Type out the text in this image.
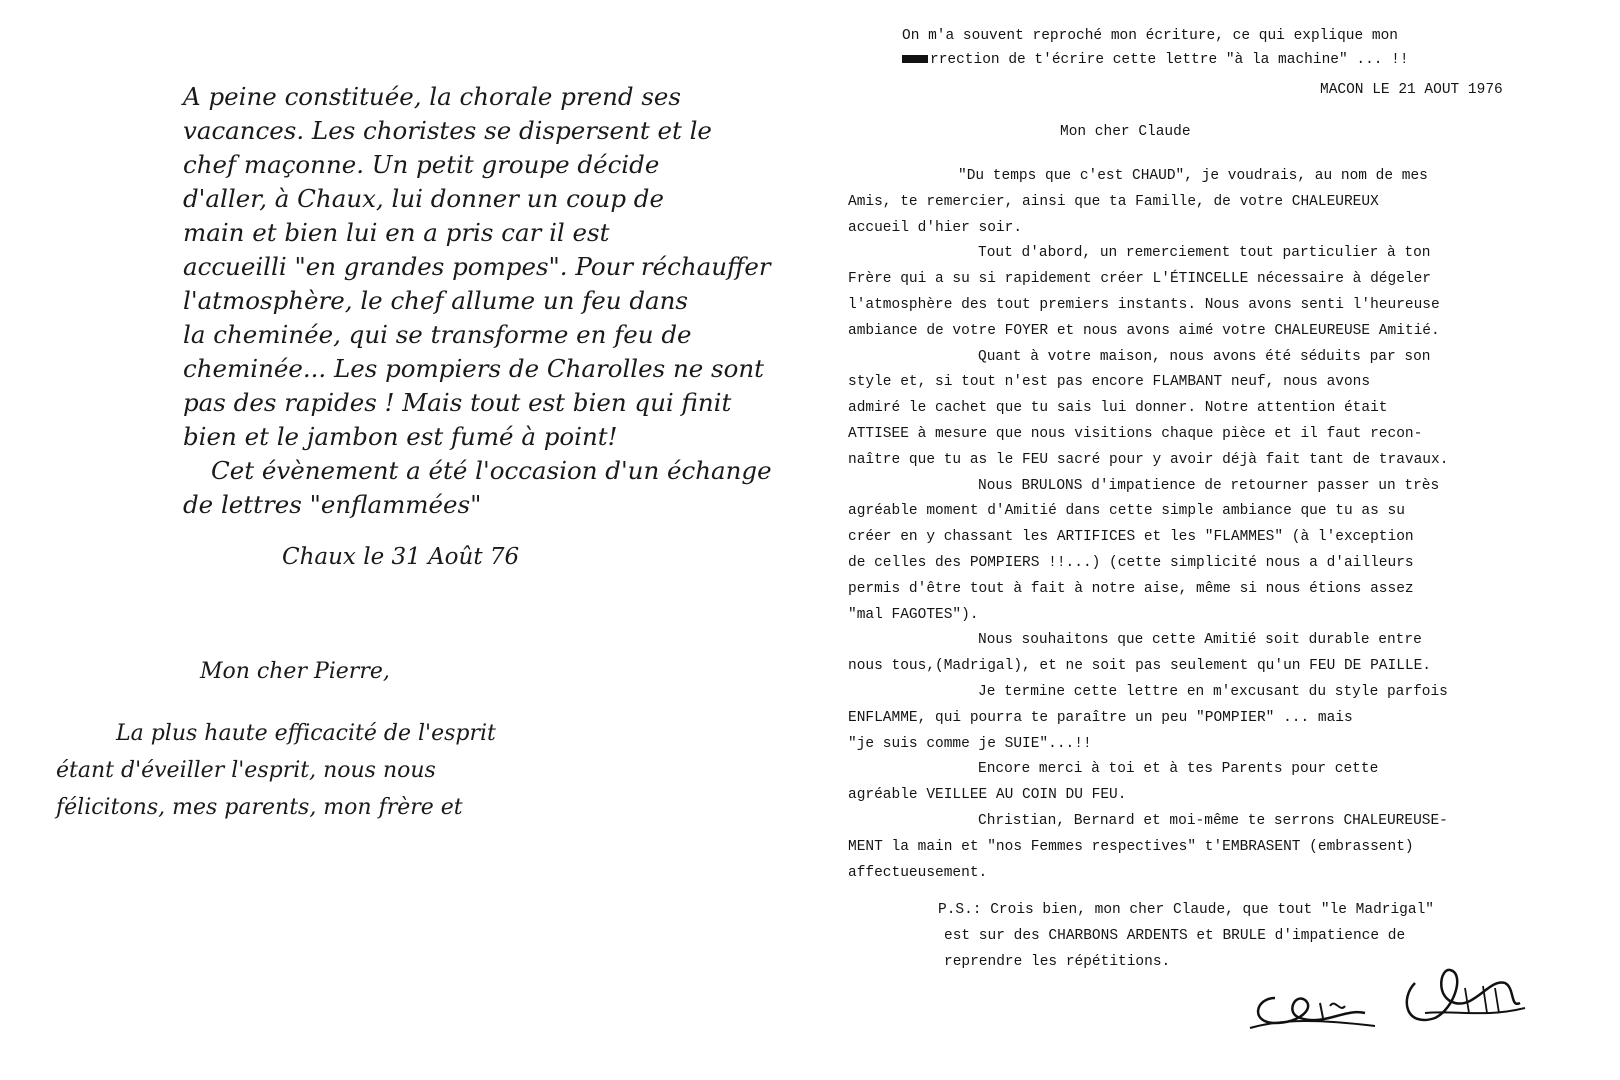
A peine constituée, la chorale prend ses
vacances. Les choristes se dispersent et le
chef maçonne. Un petit groupe décide
d'aller, à Chaux, lui donner un coup de
main et bien lui en a pris car il est
accueilli "en grandes pompes". Pour réchauffer
l'atmosphère, le chef allume un feu dans
la cheminée, qui se transforme en feu de
cheminée... Les pompiers de Charolles ne sont
pas des rapides ! Mais tout est bien qui finit
bien et le jambon est fumé à point!
Cet évènement a été l'occasion d'un échange
de lettres "enflammées"
Chaux le 31 Août 76
Mon cher Pierre,
La plus haute efficacité de l'esprit
étant d'éveiller l'esprit, nous nous
félicitons, mes parents, mon frère et
On m'a souvent reproché mon écriture, ce qui explique mon
rrection de t'écrire cette lettre "à la machine" ... !!
MACON LE 21 AOUT 1976
Mon cher Claude
"Du temps que c'est CHAUD", je voudrais, au nom de mes
Amis, te remercier, ainsi que ta Famille, de votre CHALEUREUX
accueil d'hier soir.
Tout d'abord, un remerciement tout particulier à ton
Frère qui a su si rapidement créer L'ÉTINCELLE nécessaire à dégeler
l'atmosphère des tout premiers instants. Nous avons senti l'heureuse
ambiance de votre FOYER et nous avons aimé votre CHALEUREUSE Amitié.
Quant à votre maison, nous avons été séduits par son
style et, si tout n'est pas encore FLAMBANT neuf, nous avons
admiré le cachet que tu sais lui donner. Notre attention était
ATTISEE à mesure que nous visitions chaque pièce et il faut recon-
naître que tu as le FEU sacré pour y avoir déjà fait tant de travaux.
Nous BRULONS d'impatience de retourner passer un très
agréable moment d'Amitié dans cette simple ambiance que tu as su
créer en y chassant les ARTIFICES et les "FLAMMES" (à l'exception
de celles des POMPIERS !!...) (cette simplicité nous a d'ailleurs
permis d'être tout à fait à notre aise, même si nous étions assez
"mal FAGOTES").
Nous souhaitons que cette Amitié soit durable entre
nous tous,(Madrigal), et ne soit pas seulement qu'un FEU DE PAILLE.
Je termine cette lettre en m'excusant du style parfois
ENFLAMME, qui pourra te paraître un peu "POMPIER" ... mais
"je suis comme je SUIE"...!!
Encore merci à toi et à tes Parents pour cette
agréable VEILLEE AU COIN DU FEU.
Christian, Bernard et moi-même te serrons CHALEUREUSE-
MENT la main et "nos Femmes respectives" t'EMBRASENT (embrassent)
affectueusement.
P.S.: Crois bien, mon cher Claude, que tout "le Madrigal"
est sur des CHARBONS ARDENTS et BRULE d'impatience de
reprendre les répétitions.
